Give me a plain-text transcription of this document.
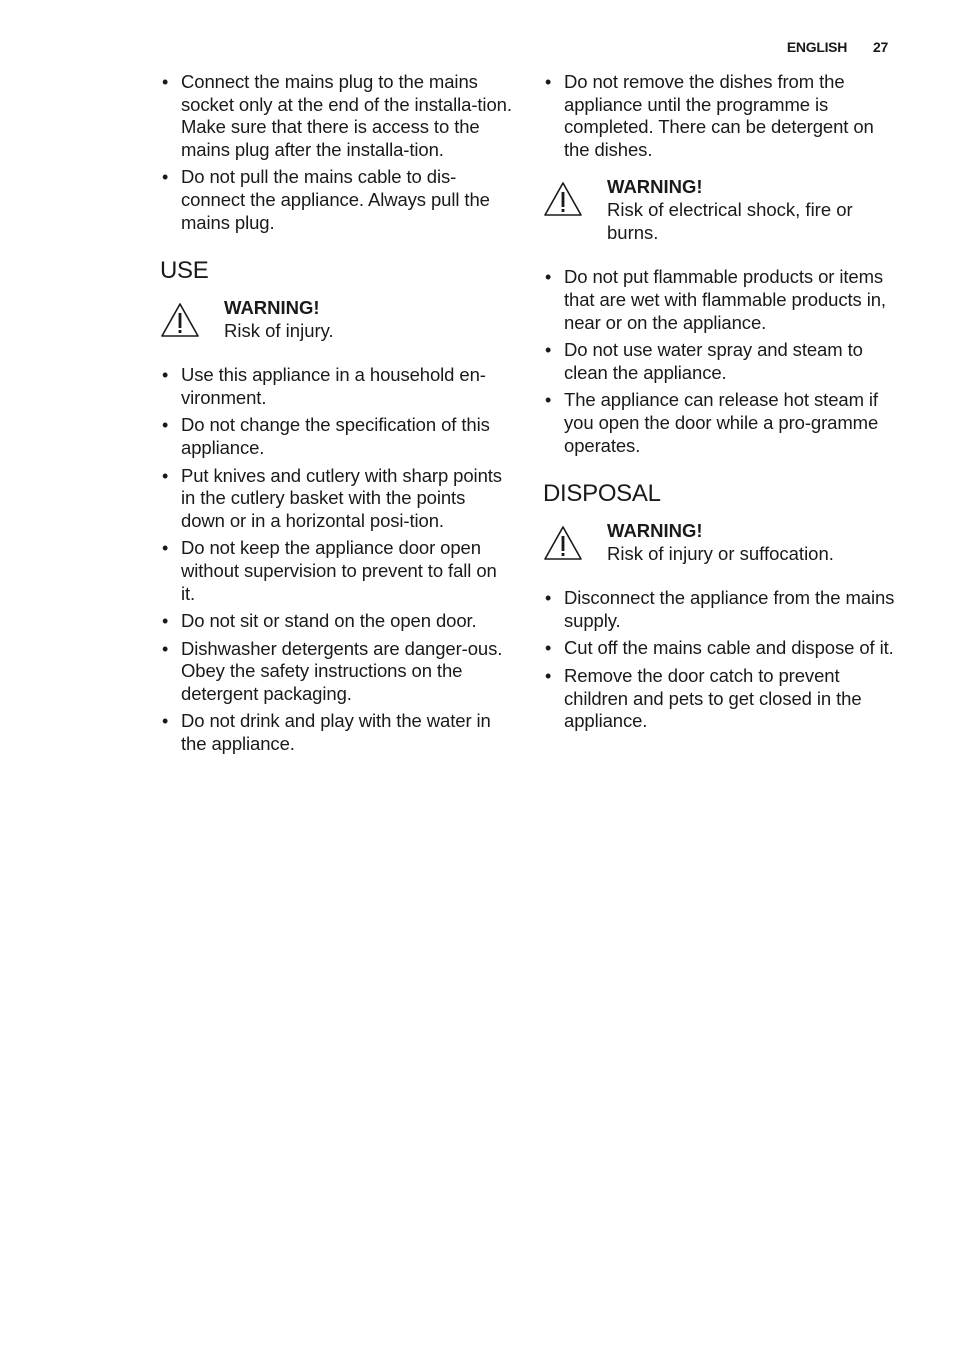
ENGLISH 27
• Connect the mains plug to the mains socket only at the end of the installa-tion. Make sure that there is access to the mains plug after the installa-tion.
• Do not pull the mains cable to dis-connect the appliance. Always pull the mains plug.
USE
WARNING!
Risk of injury.
• Use this appliance in a household en-vironment.
• Do not change the specification of this appliance.
• Put knives and cutlery with sharp points in the cutlery basket with the points down or in a horizontal posi-tion.
• Do not keep the appliance door open without supervision to prevent to fall on it.
• Do not sit or stand on the open door.
• Dishwasher detergents are danger-ous. Obey the safety instructions on the detergent packaging.
• Do not drink and play with the water in the appliance.
• Do not remove the dishes from the appliance until the programme is completed. There can be detergent on the dishes.
WARNING!
Risk of electrical shock, fire or burns.
• Do not put flammable products or items that are wet with flammable products in, near or on the appliance.
• Do not use water spray and steam to clean the appliance.
• The appliance can release hot steam if you open the door while a pro-gramme operates.
DISPOSAL
WARNING!
Risk of injury or suffocation.
• Disconnect the appliance from the mains supply.
• Cut off the mains cable and dispose of it.
• Remove the door catch to prevent children and pets to get closed in the appliance.
